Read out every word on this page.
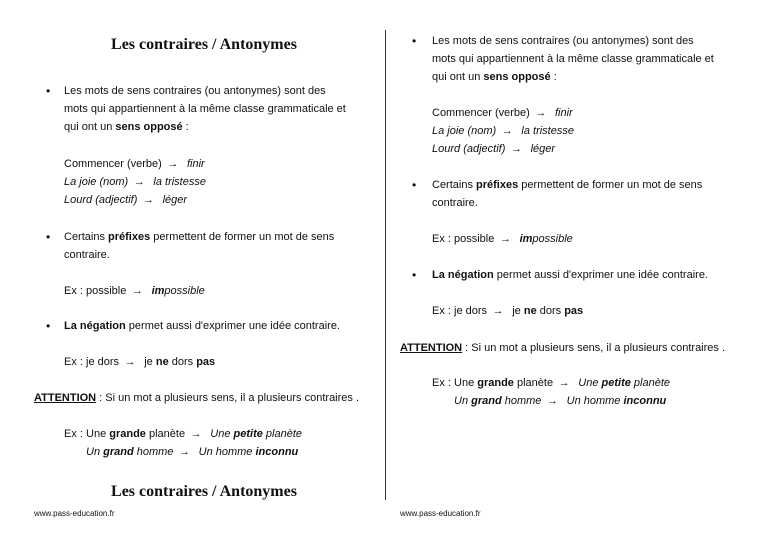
Les contraires / Antonymes
• Les mots de sens contraires (ou antonymes) sont des
mots qui appartiennent à la même classe grammaticale et
qui ont un sens opposé :
Commencer (verbe) → finir
La joie (nom) → la tristesse
Lourd (adjectif) → léger
• Certains préfixes permettent de former un mot de sens
contraire.
Ex : possible → impossible
• La négation permet aussi d'exprimer une idée contraire.
Ex : je dors → je ne dors pas
ATTENTION : Si un mot a plusieurs sens, il a plusieurs contraires .
Ex : Une grande planète → Une petite planète
Un grand homme → Un homme inconnu
Les contraires / Antonymes
• Les mots de sens contraires (ou antonymes) sont des
mots qui appartiennent à la même classe grammaticale et
qui ont un sens opposé :
Commencer (verbe) → finir
La joie (nom) → la tristesse
Lourd (adjectif) → léger
• Certains préfixes permettent de former un mot de sens
contraire.
Ex : possible → impossible
• La négation permet aussi d'exprimer une idée contraire.
Ex : je dors → je ne dors pas
ATTENTION : Si un mot a plusieurs sens, il a plusieurs contraires .
Ex : Une grande planète → Une petite planète
Un grand homme → Un homme inconnu
www.pass-education.fr	www.pass-education.fr
